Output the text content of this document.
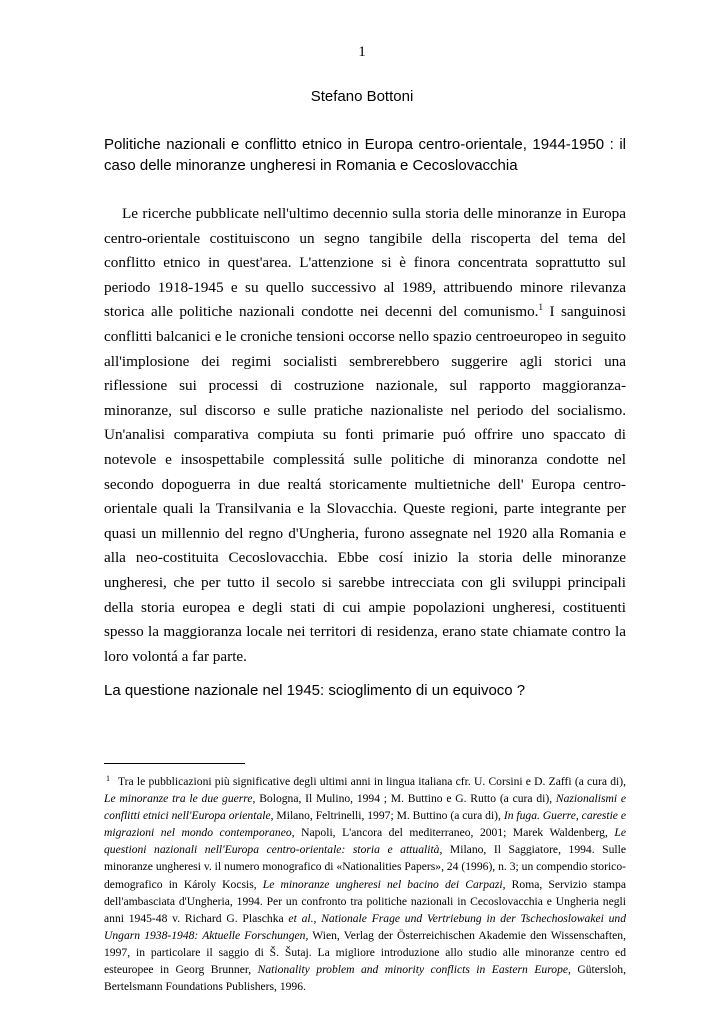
1
Stefano Bottoni
Politiche nazionali e conflitto etnico in Europa centro-orientale, 1944-1950 : il caso delle minoranze ungheresi in Romania e Cecoslovacchia

Le ricerche pubblicate nell'ultimo decennio sulla storia delle minoranze in Europa centro-orientale costituiscono un segno tangibile della riscoperta del tema del conflitto etnico in quest'area. L'attenzione si è finora concentrata soprattutto sul periodo 1918-1945 e su quello successivo al 1989, attribuendo minore rilevanza storica alle politiche nazionali condotte nei decenni del comunismo.$^1$ I sanguinosi conflitti balcanici e le croniche tensioni occorse nello spazio centroeuropeo in seguito all'implosione dei regimi socialisti sembrerebbero suggerire agli storici una riflessione sui processi di costruzione nazionale, sul rapporto maggioranza-minoranze, sul discorso e sulle pratiche nazionaliste nel periodo del socialismo. Un'analisi comparativa compiuta su fonti primarie puó offrire uno spaccato di notevole e insospettabile complessitá sulle politiche di minoranza condotte nel secondo dopoguerra in due realtá storicamente multietniche dell' Europa centro-orientale quali la Transilvania e la Slovacchia. Queste regioni, parte integrante per quasi un millennio del regno d'Ungheria, furono assegnate nel 1920 alla Romania e alla neo-costituita Cecoslovacchia. Ebbe cosí inizio la storia delle minoranze ungheresi, che per tutto il secolo si sarebbe intrecciata con gli sviluppi principali della storia europea e degli stati di cui ampie popolazioni ungheresi, costituenti spesso la maggioranza locale nei territori di residenza, erano state chiamate contro la loro volontá a far parte.

La questione nazionale nel 1945: scioglimento di un equivoco ?

$^1$ Tra le pubblicazioni più significative degli ultimi anni in lingua italiana cfr. U. Corsini e D. Zaffi (a cura di), Le minoranze tra le due guerre, Bologna, Il Mulino, 1994 ; M. Buttino e G. Rutto (a cura di), Nazionalismi e conflitti etnici nell'Europa orientale, Milano, Feltrinelli, 1997; M. Buttino (a cura di), In fuga. Guerre, carestie e migrazioni nel mondo contemporaneo, Napoli, L'ancora del mediterraneo, 2001; Marek Waldenberg, Le questioni nazionali nell'Europa centro-orientale: storia e attualità, Milano, Il Saggiatore, 1994. Sulle minoranze ungheresi v. il numero monografico di «Nationalities Papers», 24 (1996), n. 3; un compendio storico-demografico in Károly Kocsis, Le minoranze ungheresi nel bacino dei Carpazi, Roma, Servizio stampa dell'ambasciata d'Ungheria, 1994. Per un confronto tra politiche nazionali in Cecoslovacchia e Ungheria negli anni 1945-48 v. Richard G. Plaschka et al., Nationale Frage und Vertriebung in der Tschechoslowakei und Ungarn 1938-1948: Aktuelle Forschungen, Wien, Verlag der Österreichischen Akademie den Wissenschaften, 1997, in particolare il saggio di Š. Šutaj. La migliore introduzione allo studio alle minoranze centro ed esteuropee in Georg Brunner, Nationality problem and minority conflicts in Eastern Europe, Gütersloh, Bertelsmann Foundations Publishers, 1996.
